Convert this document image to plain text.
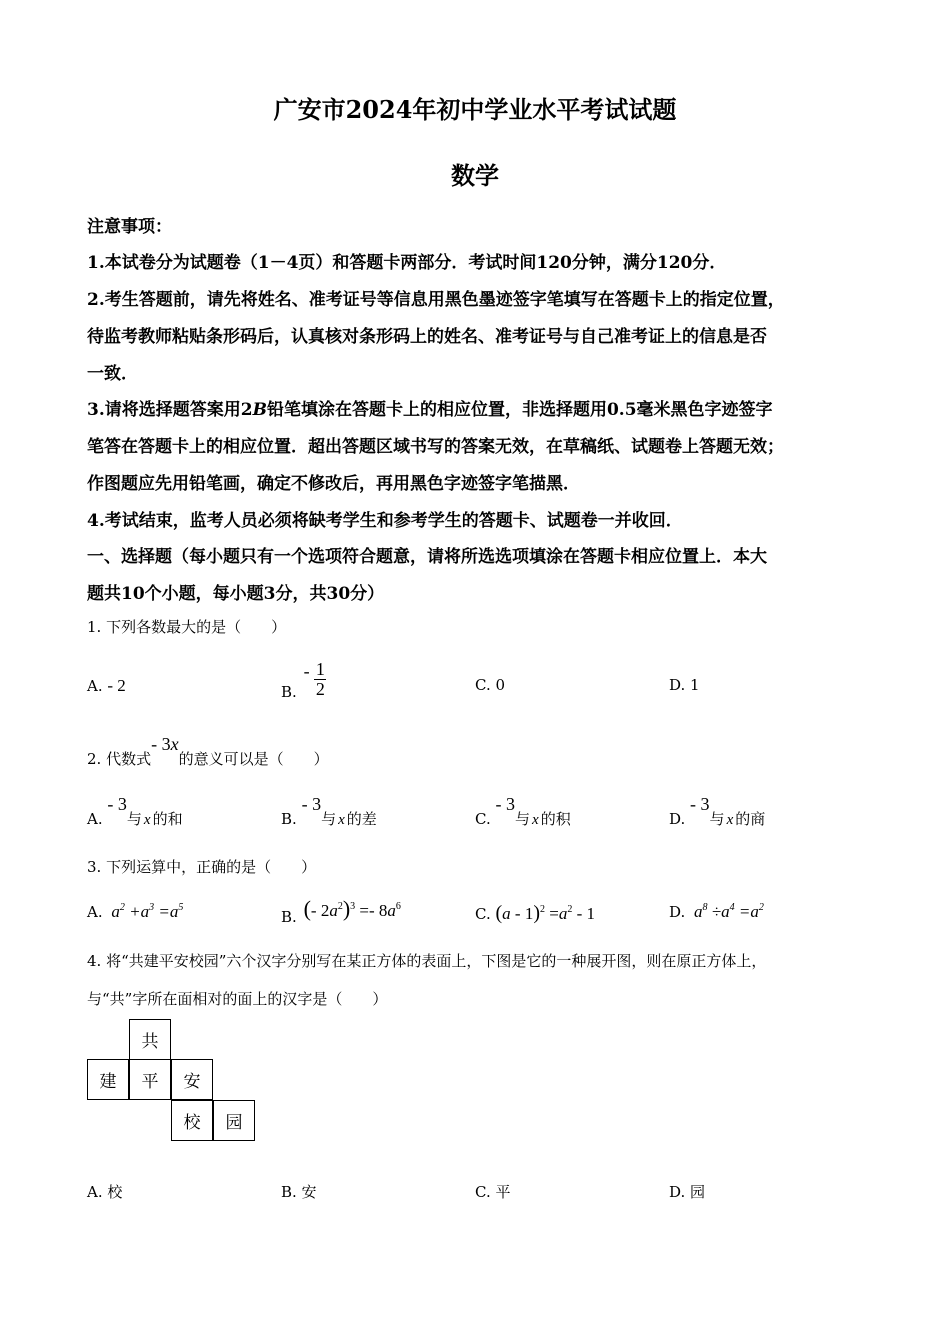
广安市2024年初中学业水平考试试题
数学
注意事项：
1.本试卷分为试题卷（1－4页）和答题卡两部分．考试时间120分钟，满分120分．
2.考生答题前，请先将姓名、准考证号等信息用黑色墨迹签字笔填写在答题卡上的指定位置，
待监考教师粘贴条形码后，认真核对条形码上的姓名、准考证号与自己准考证上的信息是否
一致．
3.请将选择题答案用2B铅笔填涂在答题卡上的相应位置，非选择题用0.5毫米黑色字迹签字
笔答在答题卡上的相应位置．超出答题区域书写的答案无效，在草稿纸、试题卷上答题无效；
作图题应先用铅笔画，确定不修改后，再用黑色字迹签字笔描黑．
4.考试结束，监考人员必须将缺考学生和参考学生的答题卡、试题卷一并收回．
一、选择题（每小题只有一个选项符合题意，请将所选选项填涂在答题卡相应位置上．本大
题共10个小题，每小题3分，共30分）
1. 下列各数最大的是（　　）
A. - 2	B. - $\frac{1}{2}$	C. 0	D. 1
2. 代数式- 3x的意义可以是（　　）
A. - 3与 x 的和	B. - 3与 x 的差	C. - 3与 x 的积	D. - 3与 x 的商
3. 下列运算中，正确的是（　　）
A. $a^2 +a^3 =a^5$
B. (- $2a^2)^3 =- 8a^6$	C. $(a - 1)^2 =a^2 - 1$	D. $a^8 \div a^4 =a^2$
4. 将“共建平安校园”六个汉字分别写在某正方体的表面上，下图是它的一种展开图，则在原正方体上，
与“共”字所在面相对的面上的汉字是（　　）
共
建	平	安
校	园
A. 校	B. 安	C. 平	D. 园
